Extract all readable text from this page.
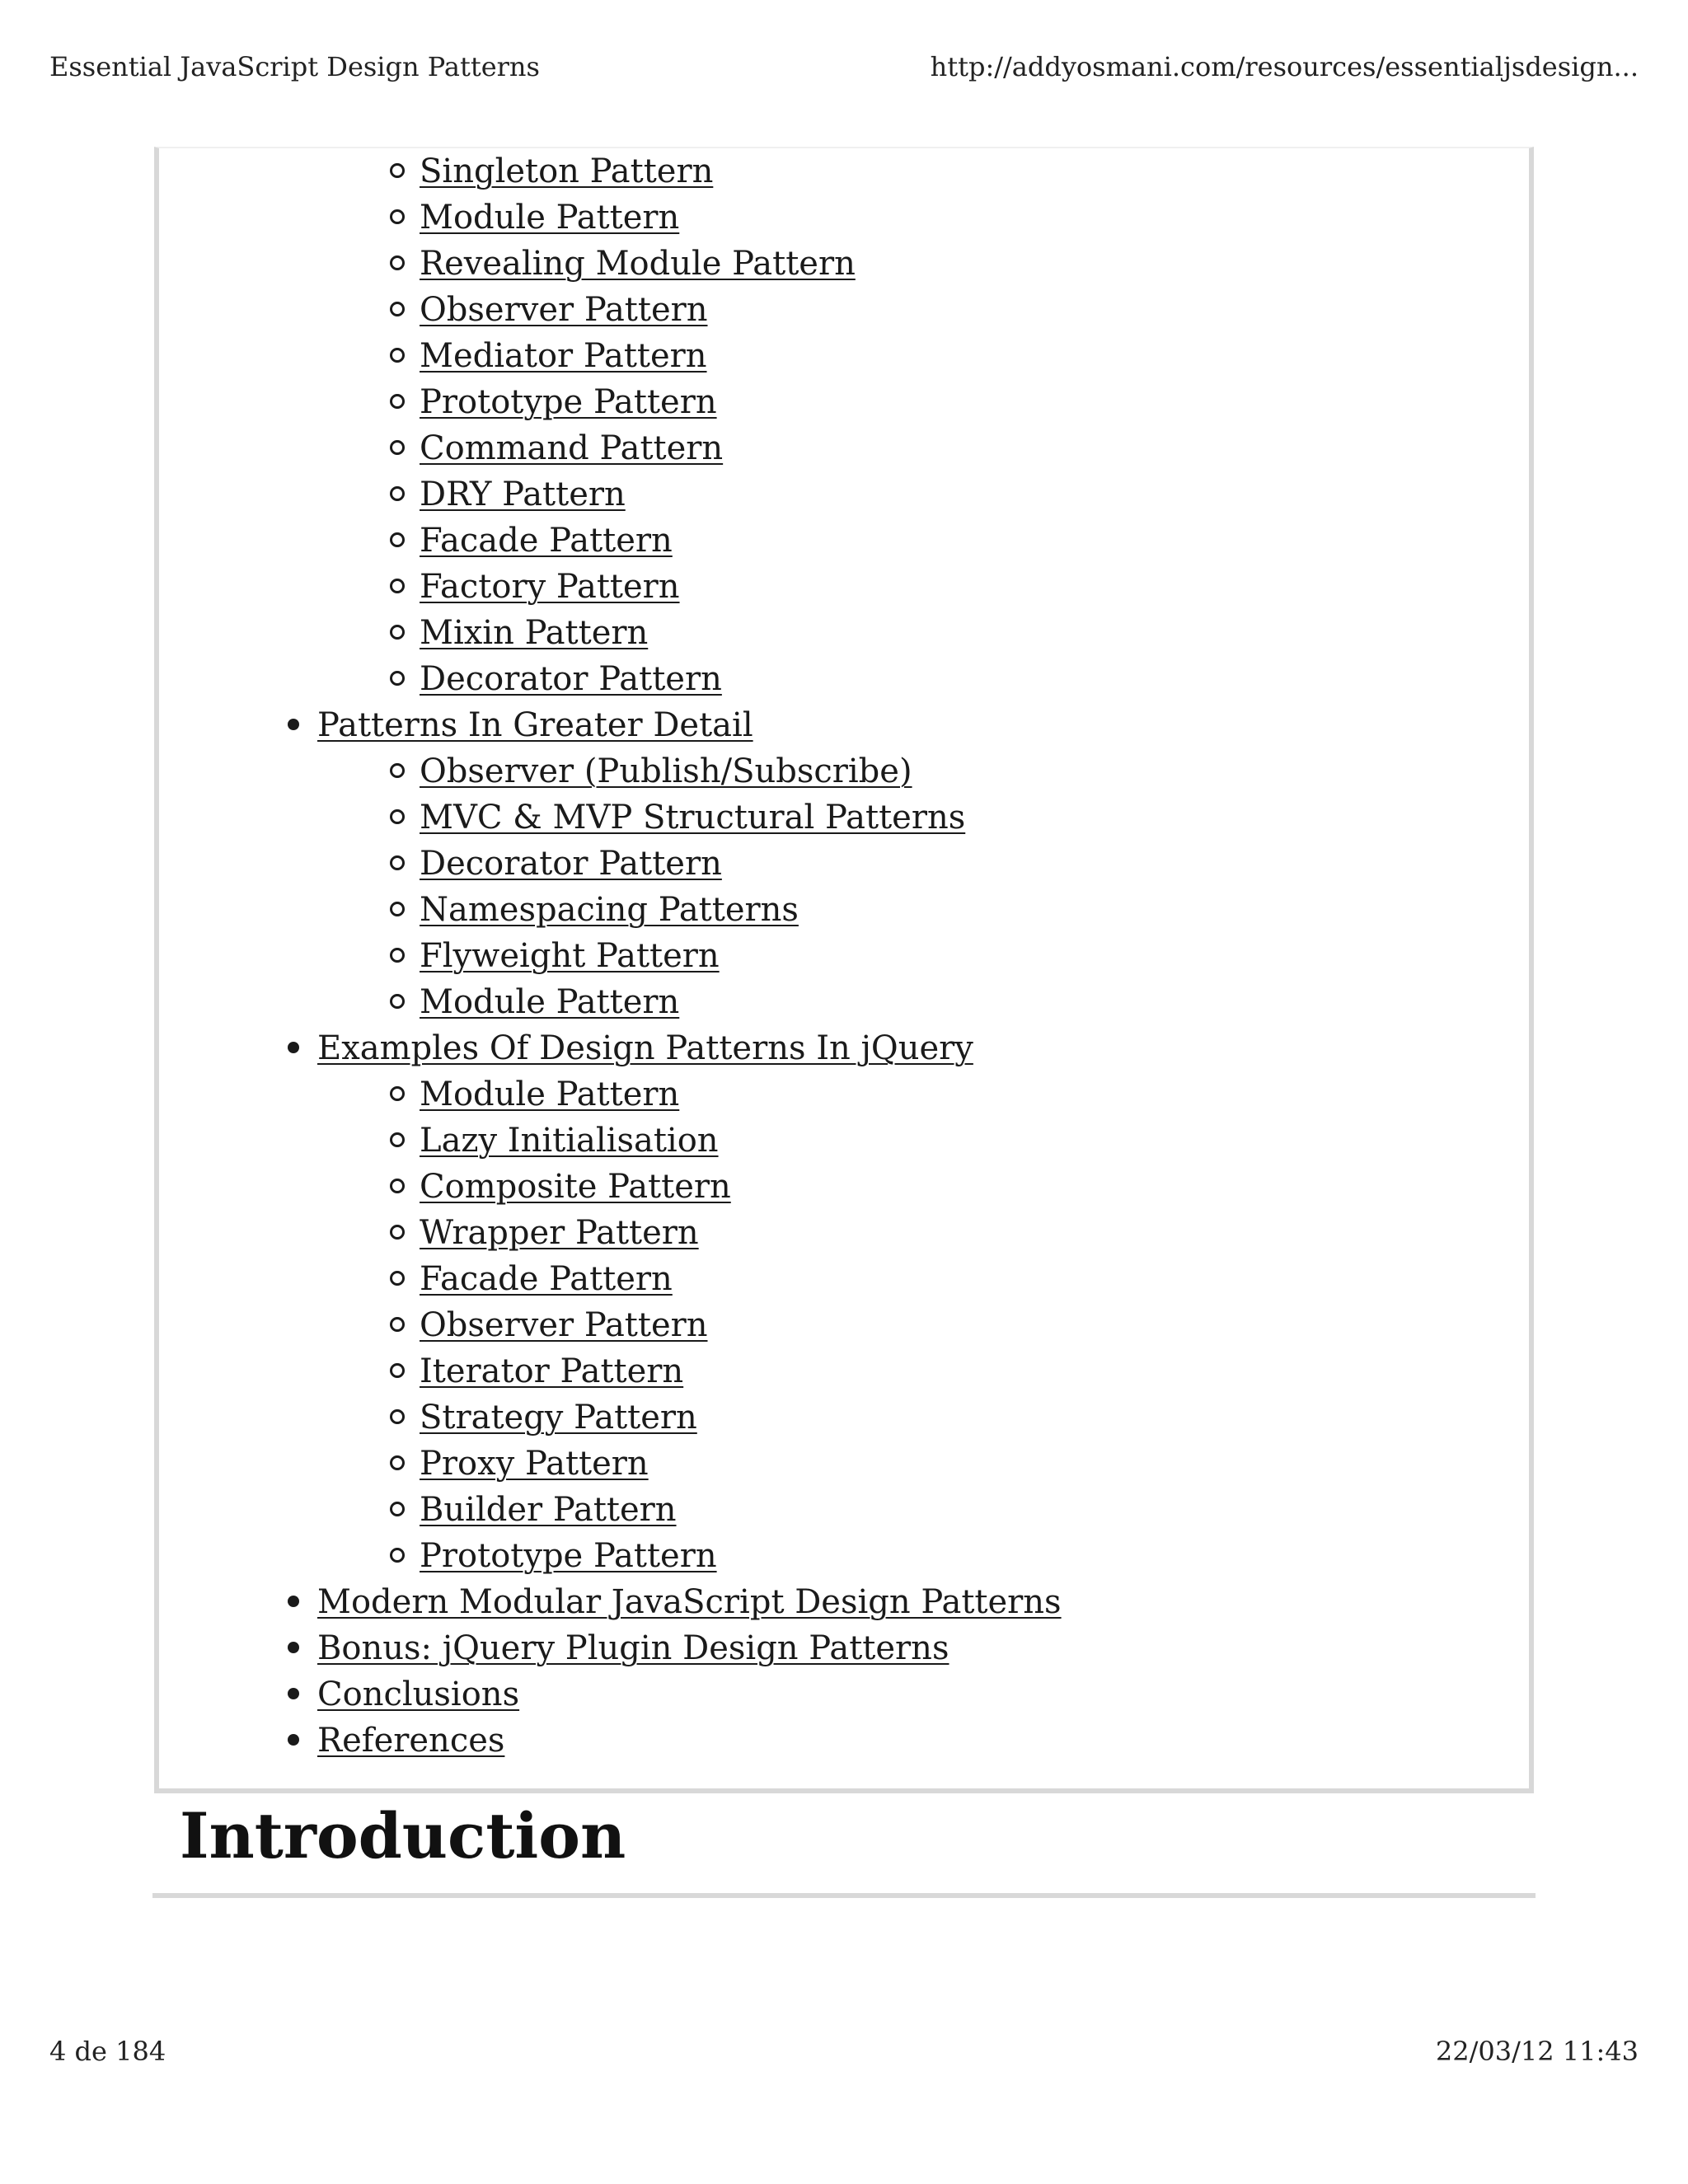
Essential JavaScript Design Patterns	http://addyosmani.com/resources/essentialjsdesign...
Singleton Pattern
Module Pattern
Revealing Module Pattern
Observer Pattern
Mediator Pattern
Prototype Pattern
Command Pattern
DRY Pattern
Facade Pattern
Factory Pattern
Mixin Pattern
Decorator Pattern
Patterns In Greater Detail
Observer (Publish/Subscribe)
MVC & MVP Structural Patterns
Decorator Pattern
Namespacing Patterns
Flyweight Pattern
Module Pattern
Examples Of Design Patterns In jQuery
Module Pattern
Lazy Initialisation
Composite Pattern
Wrapper Pattern
Facade Pattern
Observer Pattern
Iterator Pattern
Strategy Pattern
Proxy Pattern
Builder Pattern
Prototype Pattern
Modern Modular JavaScript Design Patterns
Bonus: jQuery Plugin Design Patterns
Conclusions
References
Introduction
4 de 184	22/03/12 11:43
